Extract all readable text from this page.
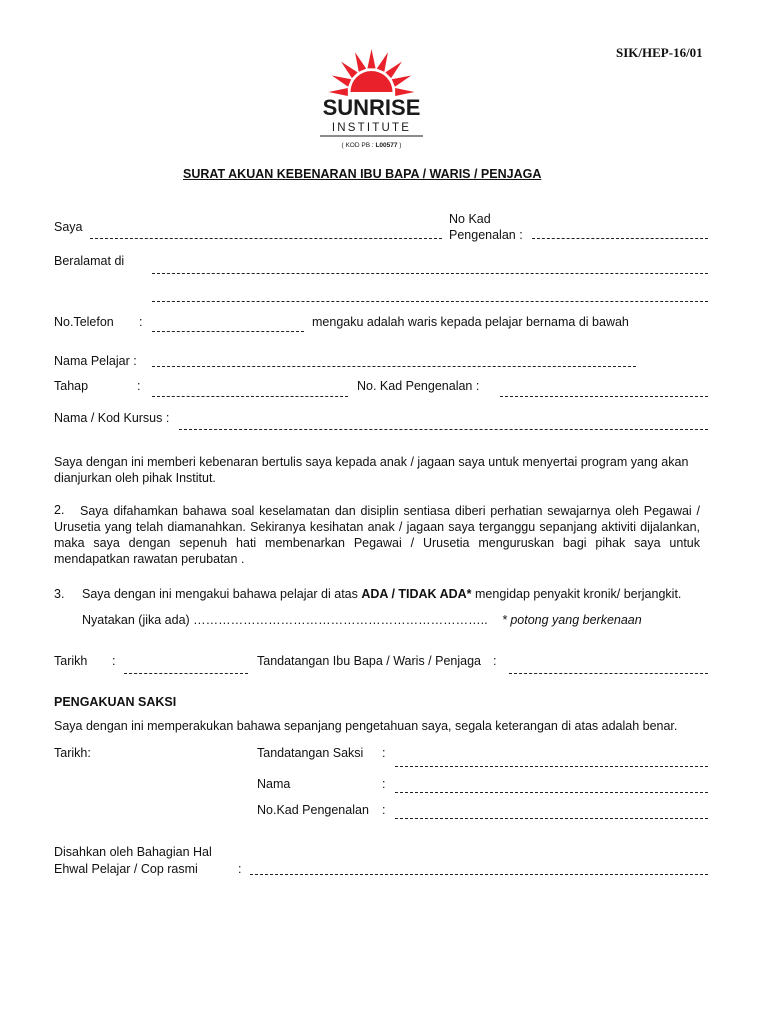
SIK/HEP-16/01
SUNRISE
INSTITUTE
( KOD PB : L00577 )
SURAT AKUAN KEBENARAN IBU BAPA / WARIS / PENJAGA
Saya
No Kad
Pengenalan :
Beralamat di
No.Telefon :	mengaku adalah waris kepada pelajar bernama di bawah
Nama Pelajar :
Tahap	:	No. Kad Pengenalan :
Nama / Kod Kursus :
Saya dengan ini memberi kebenaran bertulis saya kepada anak / jagaan saya untuk menyertai program yang akan dianjurkan oleh pihak Institut.
2.	Saya difahamkan bahawa soal keselamatan dan disiplin sentiasa diberi perhatian sewajarnya oleh Pegawai / Urusetia yang telah diamanahkan. Sekiranya kesihatan anak / jagaan saya terganggu sepanjang aktiviti dijalankan, maka saya dengan sepenuh hati membenarkan Pegawai / Urusetia menguruskan bagi pihak saya untuk mendapatkan rawatan perubatan .
3. Saya dengan ini mengakui bahawa pelajar di atas ADA / TIDAK ADA* mengidap penyakit kronik/ berjangkit.
Nyatakan (jika ada) …………………………………………………………….. * potong yang berkenaan
Tarikh :	Tandatangan Ibu Bapa / Waris / Penjaga :
PENGAKUAN SAKSI
Saya dengan ini memperakukan bahawa sepanjang pengetahuan saya, segala keterangan di atas adalah benar.
Tarikh:	Tandatangan Saksi :
Nama	:
No.Kad Pengenalan :
Disahkan oleh Bahagian Hal
Ehwal Pelajar / Cop rasmi	:
